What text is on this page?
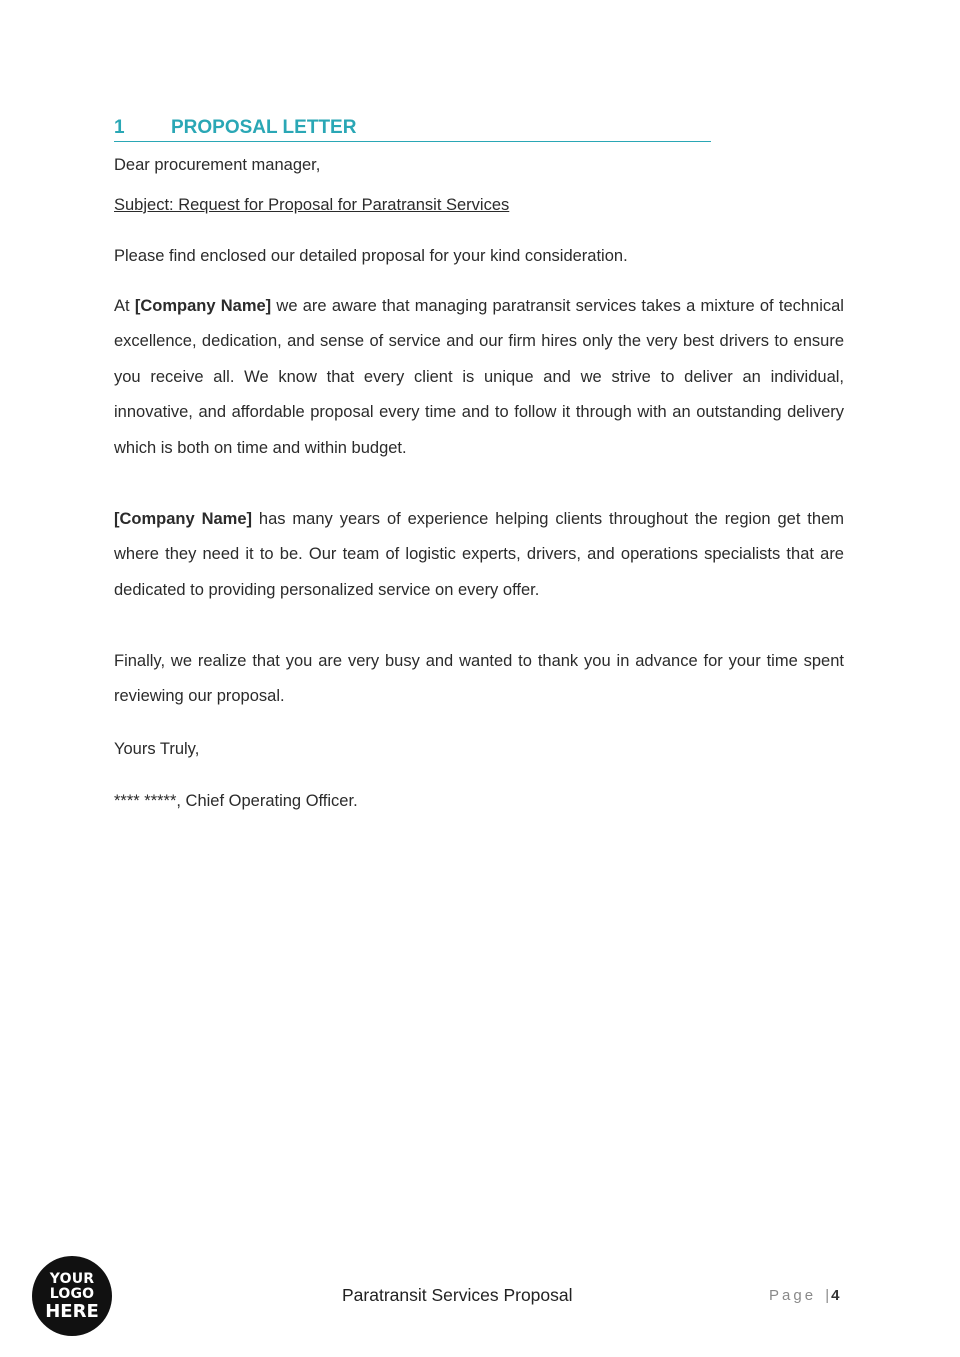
1 PROPOSAL LETTER
Dear procurement manager,
Subject: Request for Proposal for Paratransit Services
Please find enclosed our detailed proposal for your kind consideration.
At [Company Name] we are aware that managing paratransit services takes a mixture of technical excellence, dedication, and sense of service and our firm hires only the very best drivers to ensure you receive all. We know that every client is unique and we strive to deliver an individual, innovative, and affordable proposal every time and to follow it through with an outstanding delivery which is both on time and within budget.
[Company Name] has many years of experience helping clients throughout the region get them where they need it to be. Our team of logistic experts, drivers, and operations specialists that are dedicated to providing personalized service on every offer.
Finally, we realize that you are very busy and wanted to thank you in advance for your time spent reviewing our proposal.
Yours Truly,
**** *****, Chief Operating Officer.
YOUR
LOGO
HERE
Paratransit Services Proposal	Page | 4
